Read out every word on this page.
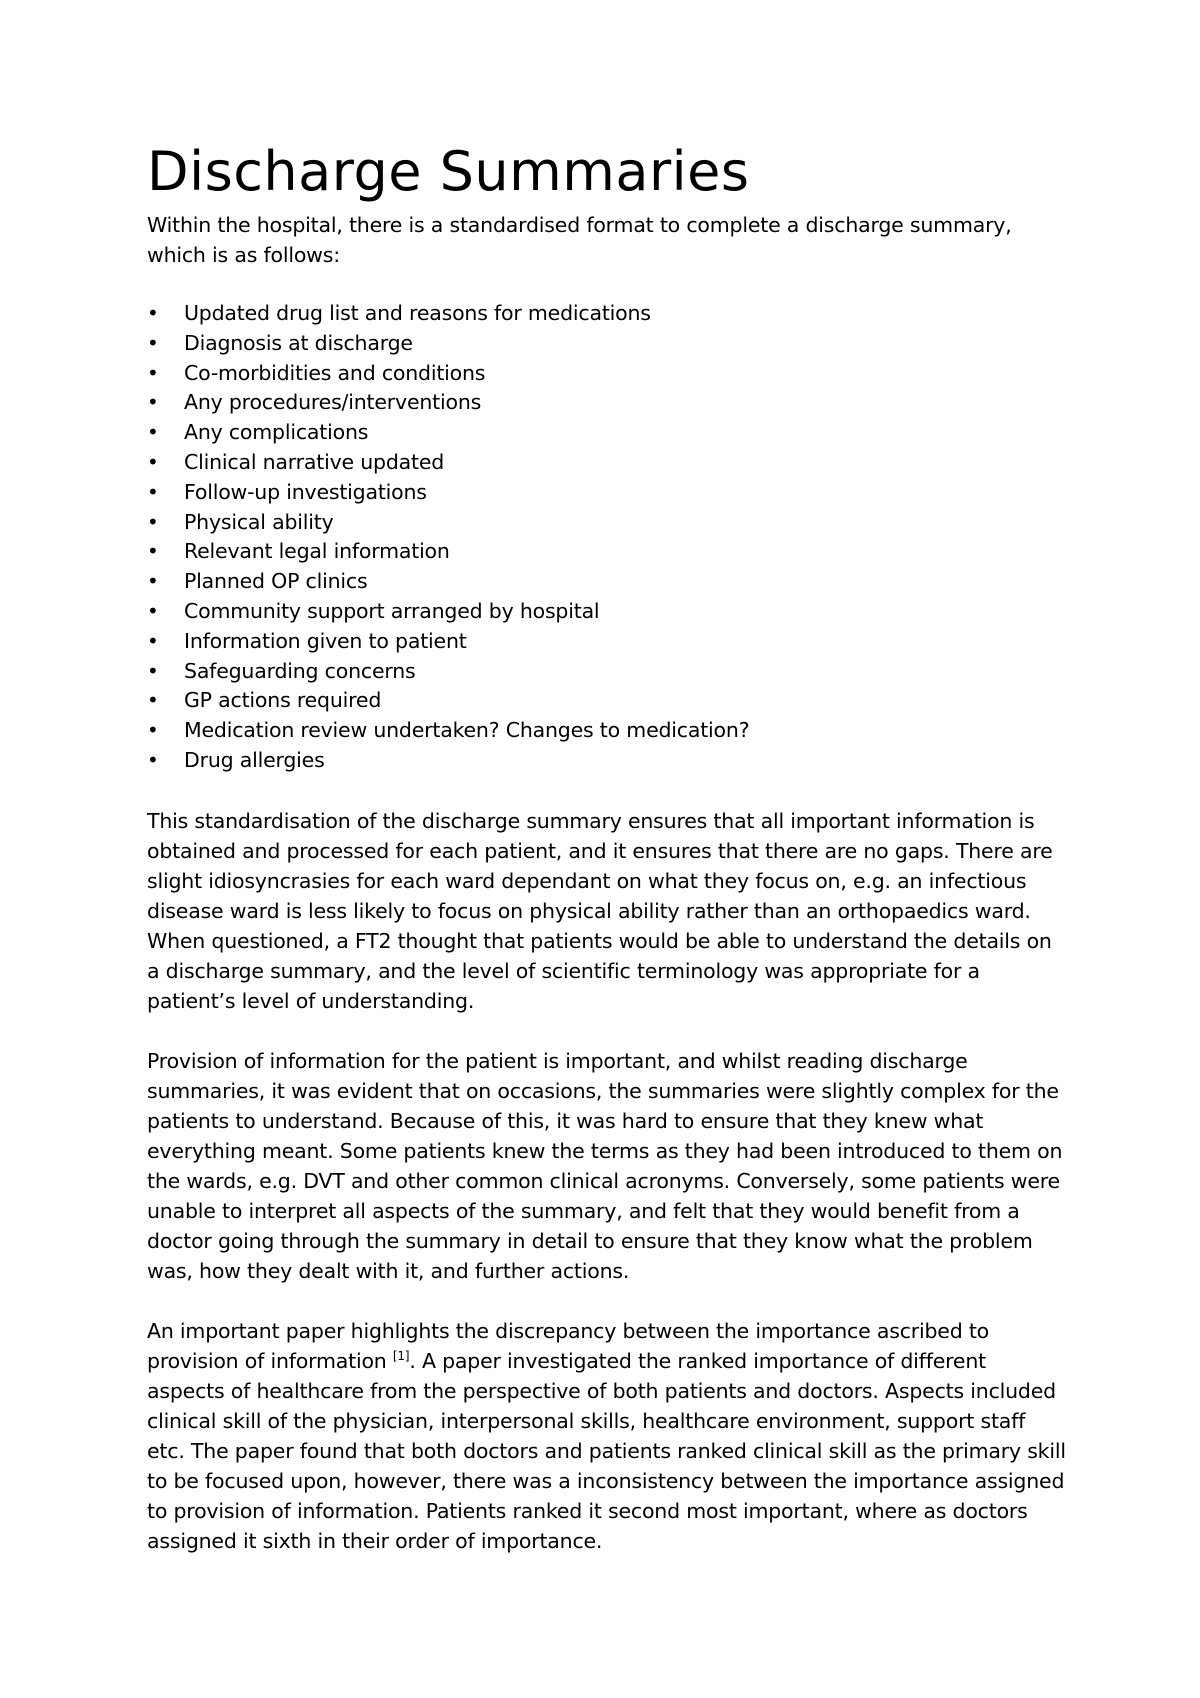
Discharge Summaries

Within the hospital, there is a standardised format to complete a discharge summary, which is as follows:

• Updated drug list and reasons for medications
• Diagnosis at discharge
• Co-morbidities and conditions
• Any procedures/interventions
• Any complications
• Clinical narrative updated
• Follow-up investigations
• Physical ability
• Relevant legal information
• Planned OP clinics
• Community support arranged by hospital
• Information given to patient
• Safeguarding concerns
• GP actions required
• Medication review undertaken? Changes to medication?
• Drug allergies

This standardisation of the discharge summary ensures that all important information is obtained and processed for each patient, and it ensures that there are no gaps. There are slight idiosyncrasies for each ward dependant on what they focus on, e.g. an infectious disease ward is less likely to focus on physical ability rather than an orthopaedics ward. When questioned, a FT2 thought that patients would be able to understand the details on a discharge summary, and the level of scientific terminology was appropriate for a patient’s level of understanding.

Provision of information for the patient is important, and whilst reading discharge summaries, it was evident that on occasions, the summaries were slightly complex for the patients to understand. Because of this, it was hard to ensure that they knew what everything meant. Some patients knew the terms as they had been introduced to them on the wards, e.g. DVT and other common clinical acronyms. Conversely, some patients were unable to interpret all aspects of the summary, and felt that they would benefit from a doctor going through the summary in detail to ensure that they know what the problem was, how they dealt with it, and further actions.

An important paper highlights the discrepancy between the importance ascribed to provision of information [1]. A paper investigated the ranked importance of different aspects of healthcare from the perspective of both patients and doctors. Aspects included clinical skill of the physician, interpersonal skills, healthcare environment, support staff etc. The paper found that both doctors and patients ranked clinical skill as the primary skill to be focused upon, however, there was a inconsistency between the importance assigned to provision of information. Patients ranked it second most important, where as doctors assigned it sixth in their order of importance.
